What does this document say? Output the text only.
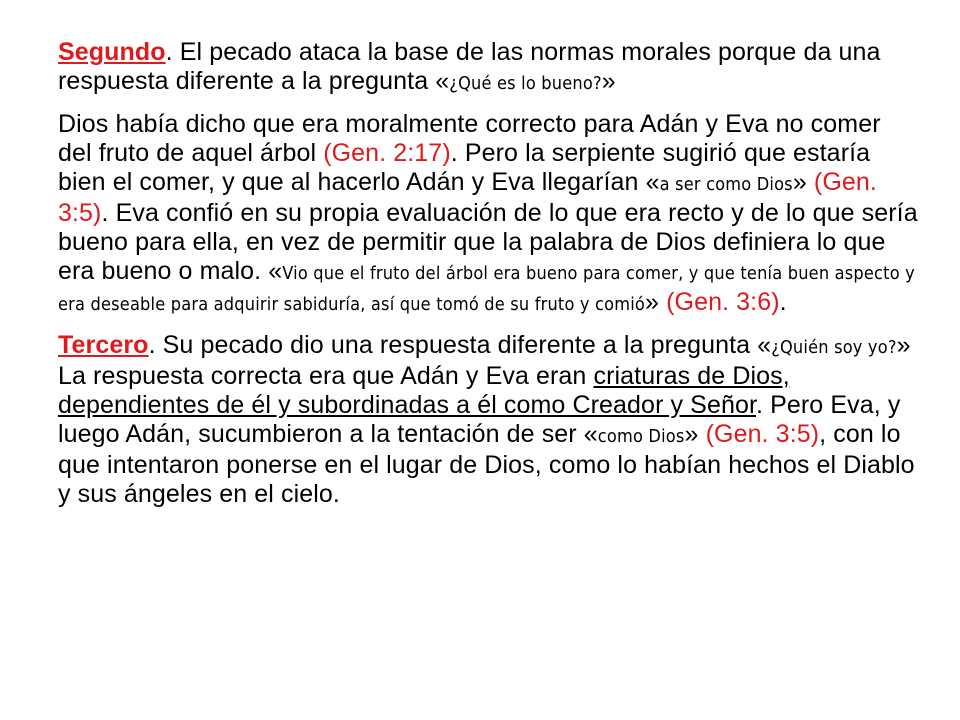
Segundo. El pecado ataca la base de las normas morales porque da una respuesta diferente a la pregunta «¿Qué es lo bueno?»

Dios había dicho que era moralmente correcto para Adán y Eva no comer del fruto de aquel árbol (Gen. 2:17). Pero la serpiente sugirió que estaría bien el comer, y que al hacerlo Adán y Eva llegarían «a ser como Dios» (Gen. 3:5). Eva confió en su propia evaluación de lo que era recto y de lo que sería bueno para ella, en vez de permitir que la palabra de Dios definiera lo que era bueno o malo. «Vio que el fruto del árbol era bueno para comer, y que tenía buen aspecto y era deseable para adquirir sabiduría, así que tomó de su fruto y comió» (Gen. 3:6).

Tercero. Su pecado dio una respuesta diferente a la pregunta «¿Quién soy yo?» La respuesta correcta era que Adán y Eva eran criaturas de Dios, dependientes de él y subordinadas a él como Creador y Señor. Pero Eva, y luego Adán, sucumbieron a la tentación de ser «como Dios» (Gen. 3:5), con lo que intentaron ponerse en el lugar de Dios, como lo habían hechos el Diablo y sus ángeles en el cielo.
